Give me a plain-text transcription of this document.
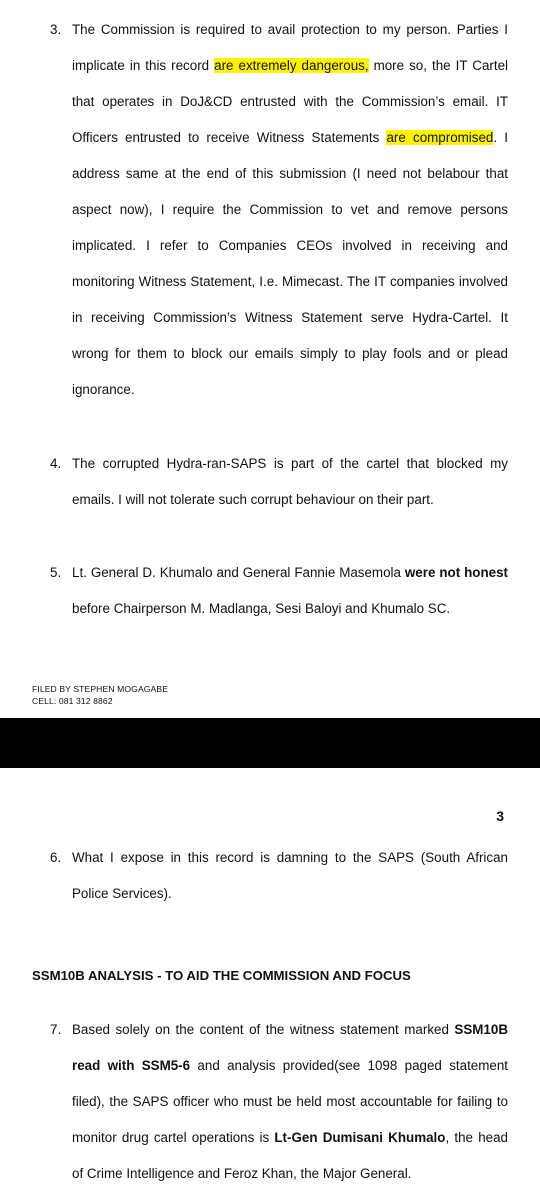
3. The Commission is required to avail protection to my person. Parties I implicate in this record are extremely dangerous, more so, the IT Cartel that operates in DoJ&CD entrusted with the Commission’s email. IT Officers entrusted to receive Witness Statements are compromised. I address same at the end of this submission (I need not belabour that aspect now), I require the Commission to vet and remove persons implicated. I refer to Companies CEOs involved in receiving and monitoring Witness Statement, I.e. Mimecast. The IT companies involved in receiving Commission’s Witness Statement serve Hydra-Cartel. It wrong for them to block our emails simply to play fools and or plead ignorance.
4. The corrupted Hydra-ran-SAPS is part of the cartel that blocked my emails. I will not tolerate such corrupt behaviour on their part.
5. Lt. General D. Khumalo and General Fannie Masemola were not honest before Chairperson M. Madlanga, Sesi Baloyi and Khumalo SC.
FILED BY STEPHEN MOGAGABE
CELL: 081 312 8862
3
6. What I expose in this record is damning to the SAPS (South African Police Services).
SSM10B ANALYSIS - TO AID THE COMMISSION AND FOCUS
7. Based solely on the content of the witness statement marked SSM10B read with SSM5-6 and analysis provided(see 1098 paged statement filed), the SAPS officer who must be held most accountable for failing to monitor drug cartel operations is Lt-Gen Dumisani Khumalo, the head of Crime Intelligence and Feroz Khan, the Major General.
